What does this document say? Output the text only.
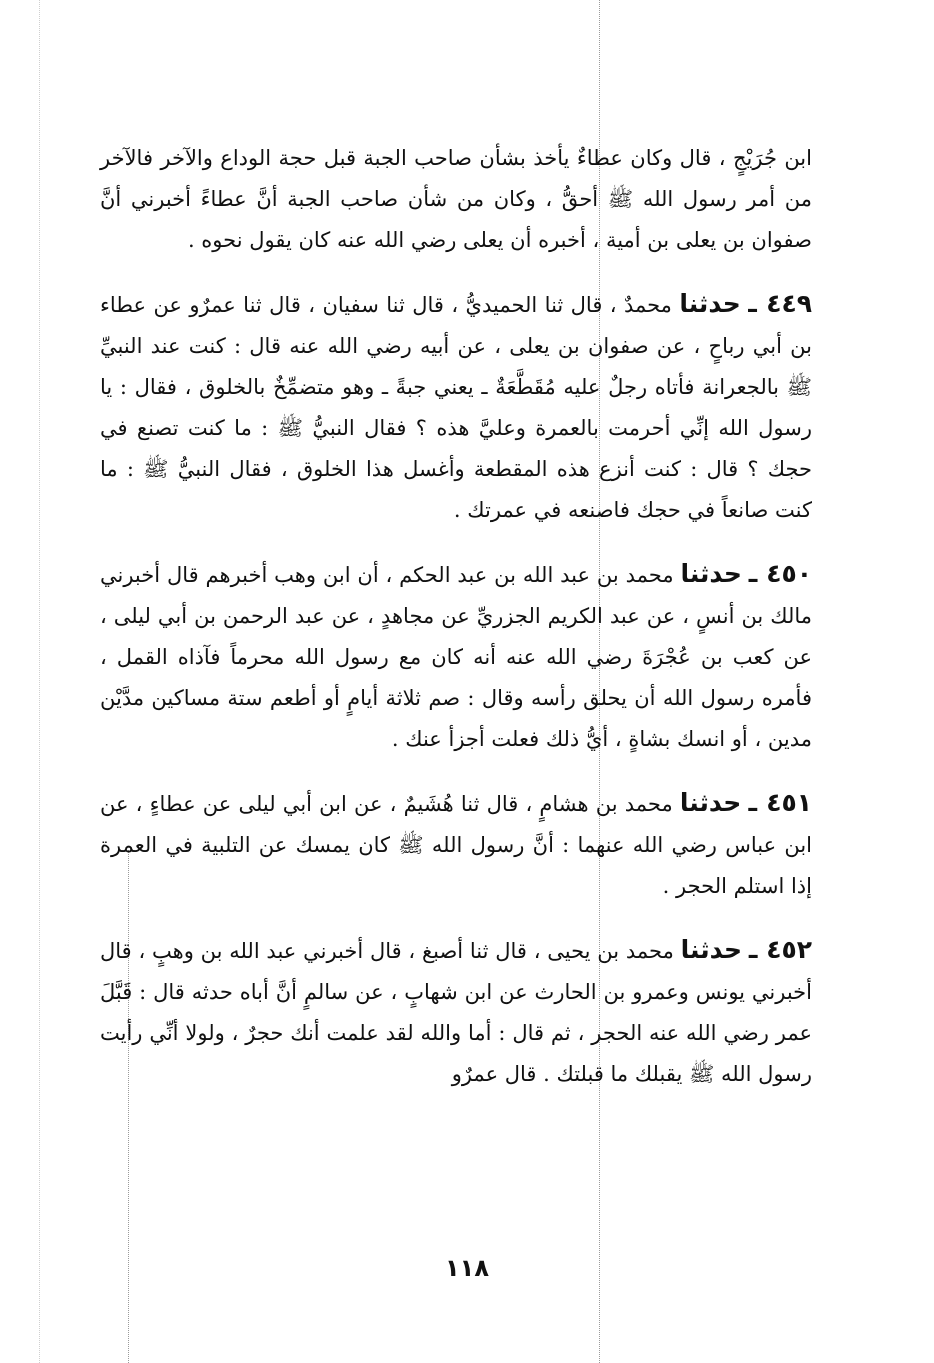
ابن جُرَيْجٍ ، قال وكان عطاءٌ يأخذ بشأن صاحب الجبة قبل حجة الوداع والآخر فالآخر من أمر رسول الله ﷺ أحقُّ ، وكان من شأن صاحب الجبة أنَّ عطاءً أخبرني أنَّ صفوان بن يعلى بن أمية ، أخبره أن يعلى رضي الله عنه كان يقول نحوه .

٤٤٩ ـ حدثنا محمدٌ ، قال ثنا الحميديُّ ، قال ثنا سفيان ، قال ثنا عمرٌو عن عطاء بن أبي رباحٍ ، عن صفوان بن يعلى ، عن أبيه رضي الله عنه قال : كنت عند النبيِّ ﷺ بالجعرانة فأتاه رجلٌ عليه مُقَطَّعَةٌ ـ يعني جبةً ـ وهو متضمِّخٌ بالخلوق ، فقال : يا رسول الله إنِّي أحرمت بالعمرة وعليَّ هذه ؟ فقال النبيُّ ﷺ : ما كنت تصنع في حجك ؟ قال : كنت أنزع هذه المقطعة وأغسل هذا الخلوق ، فقال النبيُّ ﷺ : ما كنت صانعاً في حجك فاصنعه في عمرتك .

٤٥٠ ـ حدثنا محمد بن عبد الله بن عبد الحكم ، أن ابن وهب أخبرهم قال أخبرني مالك بن أنسٍ ، عن عبد الكريم الجزريِّ عن مجاهدٍ ، عن عبد الرحمن بن أبي ليلى ، عن كعب بن عُجْرَةَ رضي الله عنه أنه كان مع رسول الله محرماً فآذاه القمل ، فأمره رسول الله أن يحلق رأسه وقال : صم ثلاثة أيامٍ أو أطعم ستة مساكين مدَّيْن مدين ، أو انسك بشاةٍ ، أيُّ ذلك فعلت أجزأ عنك .

٤٥١ ـ حدثنا محمد بن هشامٍ ، قال ثنا هُشَيمٌ ، عن ابن أبي ليلى عن عطاءٍ ، عن ابن عباس رضي الله عنهما : أنَّ رسول الله ﷺ كان يمسك عن التلبية في العمرة إذا استلم الحجر .

٤٥٢ ـ حدثنا محمد بن يحيى ، قال ثنا أصبغ ، قال أخبرني عبد الله بن وهبٍ ، قال أخبرني يونس وعمرو بن الحارث عن ابن شهابٍ ، عن سالمٍ أنَّ أباه حدثه قال : قَبَّلَ عمر رضي الله عنه الحجر ، ثم قال : أما والله لقد علمت أنك حجرٌ ، ولولا أنِّي رأيت رسول الله ﷺ يقبلك ما قبلتك . قال عمرٌو

١١٨
